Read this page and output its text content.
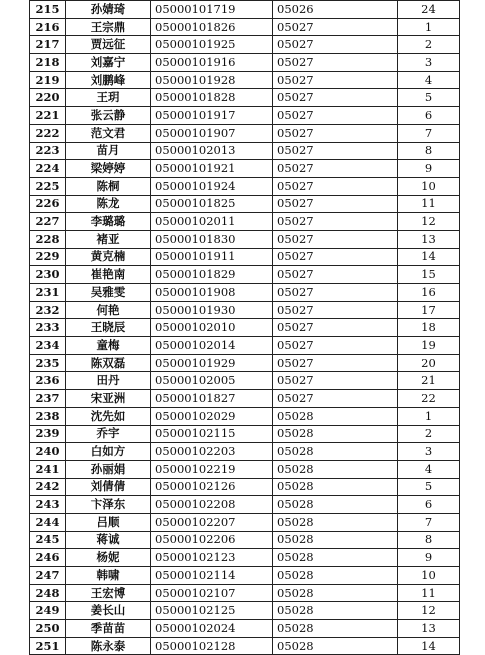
215	孙婧琦	05000101719	05026	24
216	王宗鼎	05000101826	05027	1
217	贾远征	05000101925	05027	2
218	刘嘉宁	05000101916	05027	3
219	刘鹏峰	05000101928	05027	4
220	王玥	05000101828	05027	5
221	张云静	05000101917	05027	6
222	范文君	05000101907	05027	7
223	苗月	05000102013	05027	8
224	梁婷婷	05000101921	05027	9
225	陈桐	05000101924	05027	10
226	陈龙	05000101825	05027	11
227	李璐璐	05000102011	05027	12
228	褚亚	05000101830	05027	13
229	黄克楠	05000101911	05027	14
230	崔艳南	05000101829	05027	15
231	吴雅雯	05000101908	05027	16
232	何艳	05000101930	05027	17
233	王晓辰	05000102010	05027	18
234	童梅	05000102014	05027	19
235	陈双磊	05000101929	05027	20
236	田丹	05000102005	05027	21
237	宋亚洲	05000101827	05027	22
238	沈先如	05000102029	05028	1
239	乔宇	05000102115	05028	2
240	白如方	05000102203	05028	3
241	孙丽娟	05000102219	05028	4
242	刘倩倩	05000102126	05028	5
243	卞泽东	05000102208	05028	6
244	吕顺	05000102207	05028	7
245	蒋诚	05000102206	05028	8
246	杨妮	05000102123	05028	9
247	韩啸	05000102114	05028	10
248	王宏博	05000102107	05028	11
249	姜长山	05000102125	05028	12
250	季苗苗	05000102024	05028	13
251	陈永泰	05000102128	05028	14
